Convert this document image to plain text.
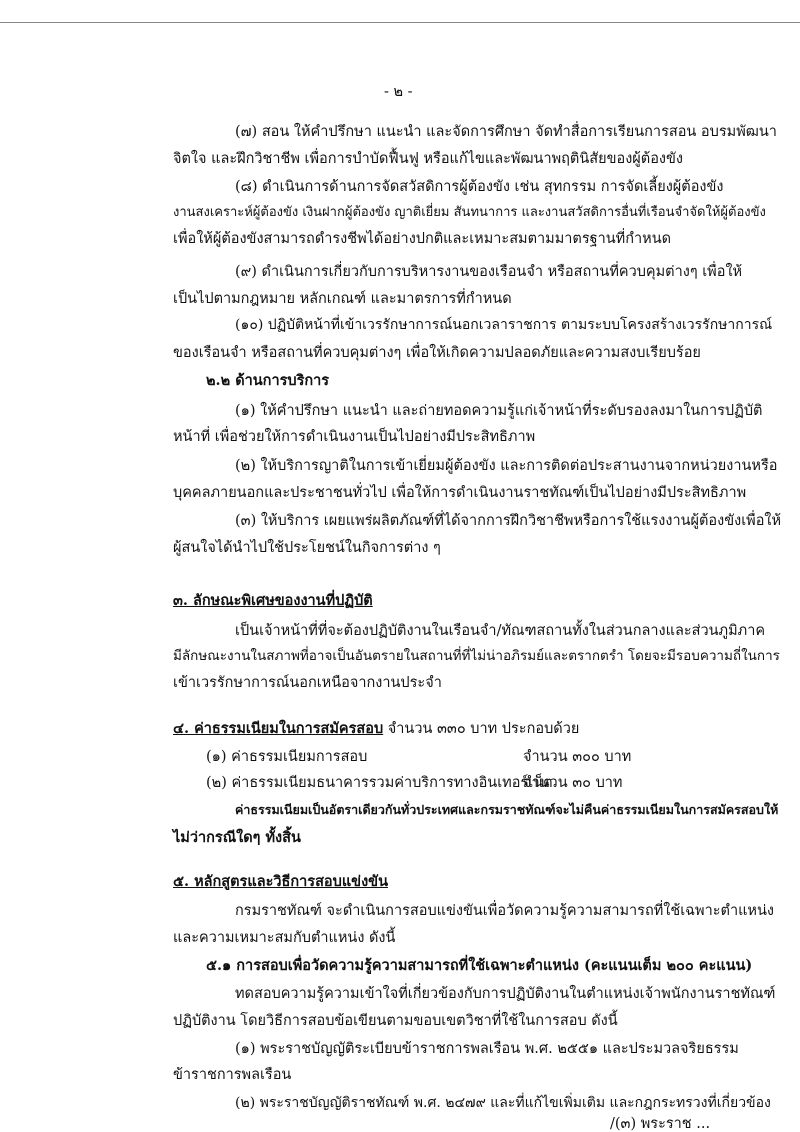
- ๒ -
(๗) สอน ให้คำปรึกษา แนะนำ และจัดการศึกษา จัดทำสื่อการเรียนการสอน อบรมพัฒนา
จิตใจ และฝึกวิชาชีพ เพื่อการบำบัดฟื้นฟู หรือแก้ไขและพัฒนาพฤตินิสัยของผู้ต้องขัง
(๘) ดำเนินการด้านการจัดสวัสดิการผู้ต้องขัง เช่น สุทกรรม การจัดเลี้ยงผู้ต้องขัง
งานสงเคราะห์ผู้ต้องขัง เงินฝากผู้ต้องขัง ญาติเยี่ยม สันทนาการ และงานสวัสดิการอื่นที่เรือนจำจัดให้ผู้ต้องขัง
เพื่อให้ผู้ต้องขังสามารถดำรงชีพได้อย่างปกติและเหมาะสมตามมาตรฐานที่กำหนด
(๙) ดำเนินการเกี่ยวกับการบริหารงานของเรือนจำ หรือสถานที่ควบคุมต่างๆ เพื่อให้
เป็นไปตามกฎหมาย หลักเกณฑ์ และมาตรการที่กำหนด
(๑๐) ปฏิบัติหน้าที่เข้าเวรรักษาการณ์นอกเวลาราชการ ตามระบบโครงสร้างเวรรักษาการณ์
ของเรือนจำ หรือสถานที่ควบคุมต่างๆ เพื่อให้เกิดความปลอดภัยและความสงบเรียบร้อย
๒.๒ ด้านการบริการ
(๑) ให้คำปรึกษา แนะนำ และถ่ายทอดความรู้แก่เจ้าหน้าที่ระดับรองลงมาในการปฏิบัติ
หน้าที่ เพื่อช่วยให้การดำเนินงานเป็นไปอย่างมีประสิทธิภาพ
(๒) ให้บริการญาติในการเข้าเยี่ยมผู้ต้องขัง และการติดต่อประสานงานจากหน่วยงานหรือ
บุคคลภายนอกและประชาชนทั่วไป เพื่อให้การดำเนินงานราชทัณฑ์เป็นไปอย่างมีประสิทธิภาพ
(๓) ให้บริการ เผยแพร่ผลิตภัณฑ์ที่ได้จากการฝึกวิชาชีพหรือการใช้แรงงานผู้ต้องขังเพื่อให้
ผู้สนใจได้นำไปใช้ประโยชน์ในกิจการต่าง ๆ
๓. ลักษณะพิเศษของงานที่ปฏิบัติ
เป็นเจ้าหน้าที่ที่จะต้องปฏิบัติงานในเรือนจำ/ทัณฑสถานทั้งในส่วนกลางและส่วนภูมิภาค
มีลักษณะงานในสภาพที่อาจเป็นอันตรายในสถานที่ที่ไม่น่าอภิรมย์และตรากตรำ โดยจะมีรอบความถี่ในการ
เข้าเวรรักษาการณ์นอกเหนือจากงานประจำ
๔. ค่าธรรมเนียมในการสมัครสอบ จำนวน ๓๓๐ บาท ประกอบด้วย
(๑) ค่าธรรมเนียมการสอบ	จำนวน ๓๐๐ บาท
(๒) ค่าธรรมเนียมธนาคารรวมค่าบริการทางอินเทอร์เน็ต
จำนวน ๓๐ บาท
ค่าธรรมเนียมเป็นอัตราเดียวกันทั่วประเทศและกรมราชทัณฑ์จะไม่คืนค่าธรรมเนียมในการสมัครสอบให้
ไม่ว่ากรณีใดๆ ทั้งสิ้น
๕. หลักสูตรและวิธีการสอบแข่งขัน
กรมราชทัณฑ์ จะดำเนินการสอบแข่งขันเพื่อวัดความรู้ความสามารถที่ใช้เฉพาะตำแหน่ง
และความเหมาะสมกับตำแหน่ง ดังนี้
๕.๑ การสอบเพื่อวัดความรู้ความสามารถที่ใช้เฉพาะตำแหน่ง (คะแนนเต็ม ๒๐๐ คะแนน)
ทดสอบความรู้ความเข้าใจที่เกี่ยวข้องกับการปฏิบัติงานในตำแหน่งเจ้าพนักงานราชทัณฑ์
ปฏิบัติงาน โดยวิธีการสอบข้อเขียนตามขอบเขตวิชาที่ใช้ในการสอบ ดังนี้
(๑) พระราชบัญญัติระเบียบข้าราชการพลเรือน พ.ศ. ๒๕๕๑ และประมวลจริยธรรม
ข้าราชการพลเรือน
(๒) พระราชบัญญัติราชทัณฑ์ พ.ศ. ๒๔๗๙ และที่แก้ไขเพิ่มเติม และกฎกระทรวงที่เกี่ยวข้อง
/(๓) พระราช ...
